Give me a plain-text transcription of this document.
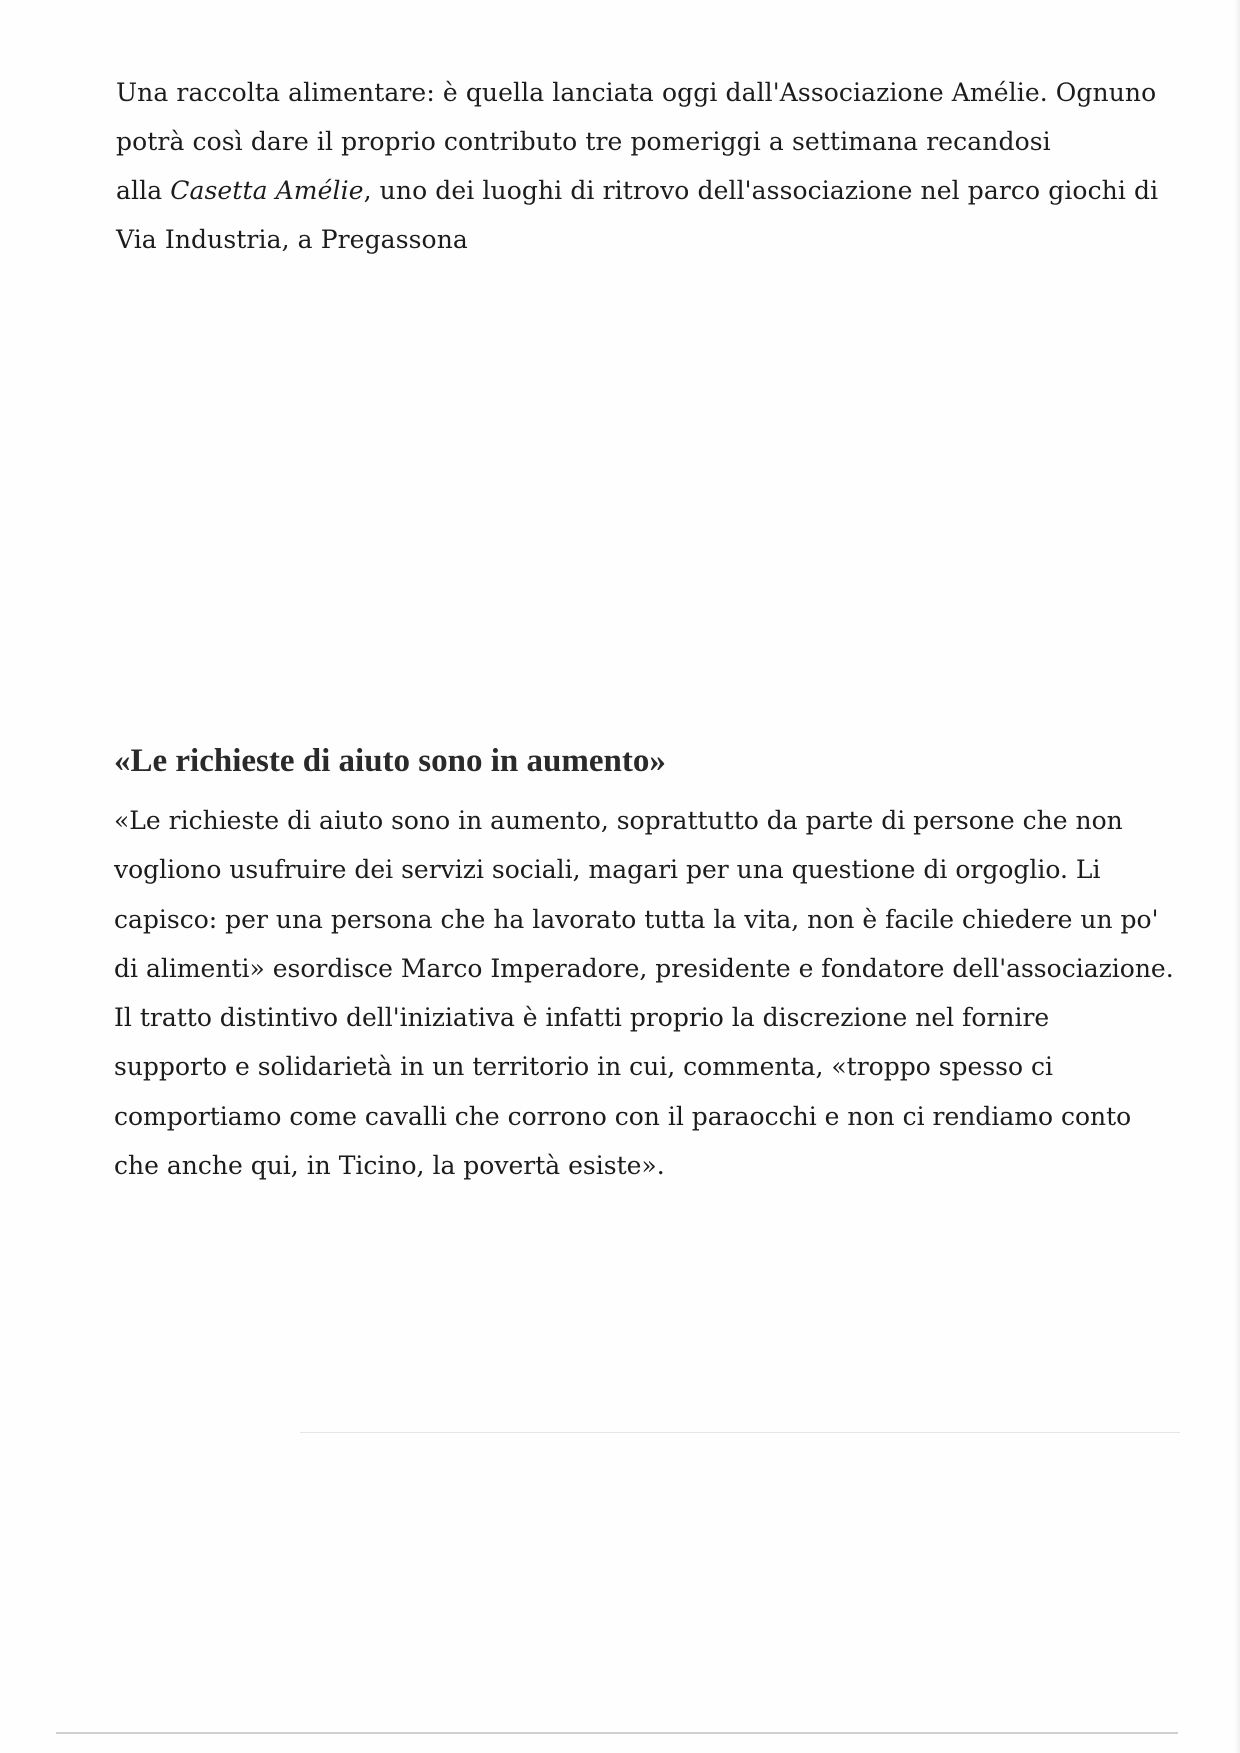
Una raccolta alimentare: è quella lanciata oggi dall'Associazione Amélie. Ognuno
potrà così dare il proprio contributo tre pomeriggi a settimana recandosi
alla Casetta Amélie, uno dei luoghi di ritrovo dell'associazione nel parco giochi di
Via Industria, a Pregassona

«Le richieste di aiuto sono in aumento»

«Le richieste di aiuto sono in aumento, soprattutto da parte di persone che non
vogliono usufruire dei servizi sociali, magari per una questione di orgoglio. Li
capisco: per una persona che ha lavorato tutta la vita, non è facile chiedere un po'
di alimenti» esordisce Marco Imperadore, presidente e fondatore dell'associazione.
Il tratto distintivo dell'iniziativa è infatti proprio la discrezione nel fornire
supporto e solidarietà in un territorio in cui, commenta, «troppo spesso ci
comportiamo come cavalli che corrono con il paraocchi e non ci rendiamo conto
che anche qui, in Ticino, la povertà esiste».
